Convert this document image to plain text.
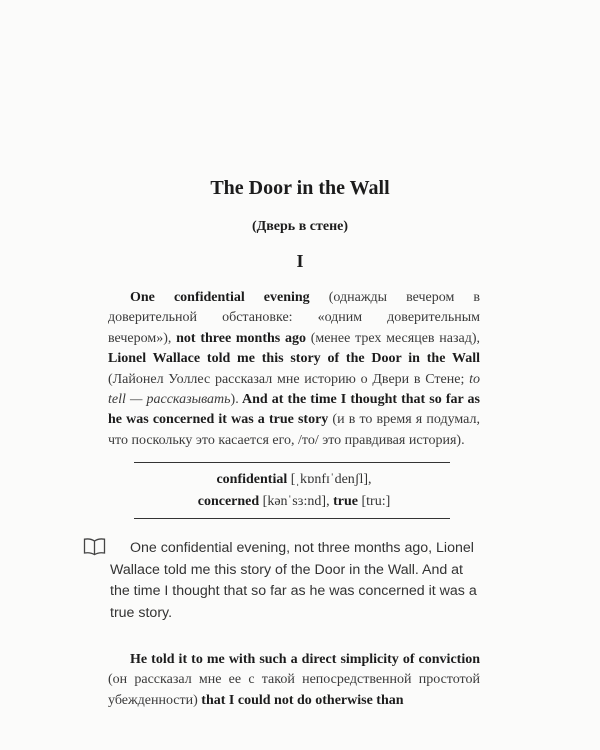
The Door in the Wall
(Дверь в стене)
I

One confidential evening (однажды вечером в доверительной обстановке: «одним доверительным вечером»), not three months ago (менее трех месяцев назад), Lionel Wallace told me this story of the Door in the Wall (Лайонел Уоллес рассказал мне историю о Двери в Стене; to tell — рассказывать). And at the time I thought that so far as he was concerned it was a true story (и в то время я подумал, что поскольку это касается его, /то/ это правдивая история).

confidential [ˌkɒnfɪˈdenʃl],
concerned [kənˈsɜ:nd], true [tru:]

One confidential evening, not three months ago, Lionel Wallace told me this story of the Door in the Wall. And at the time I thought that so far as he was concerned it was a true story.

He told it to me with such a direct simplicity of conviction (он рассказал мне ее с такой непосредственной простотой убежденности) that I could not do otherwise than
